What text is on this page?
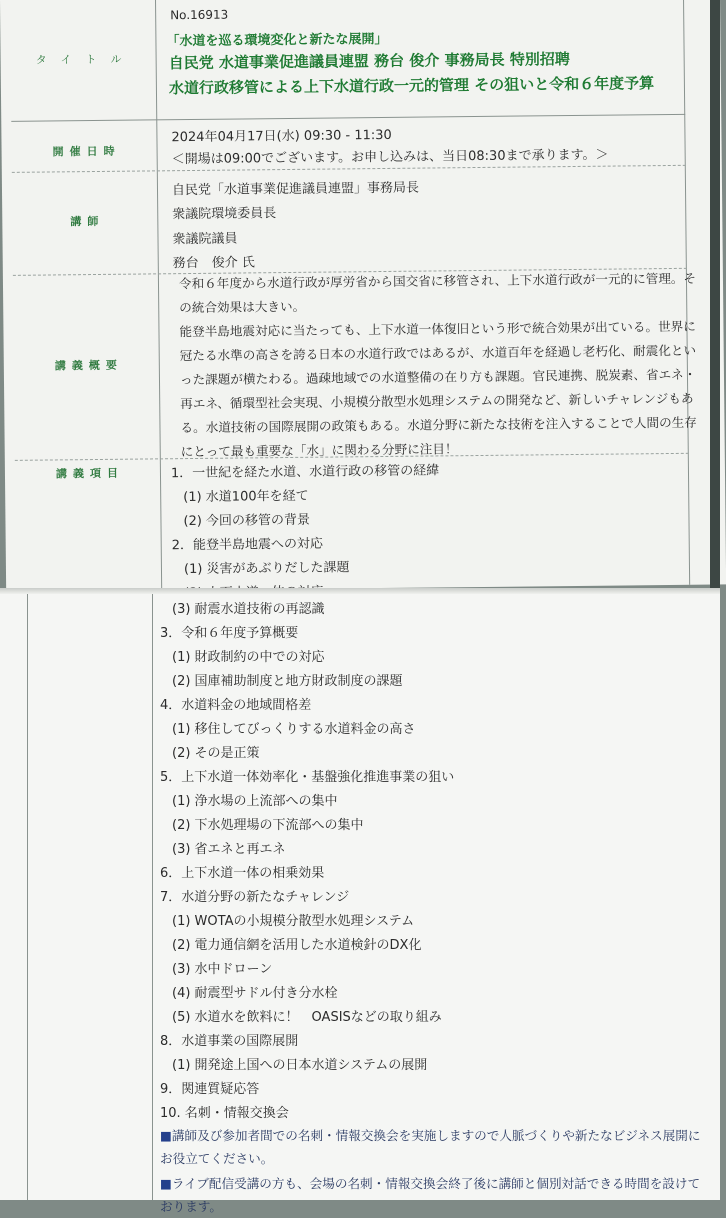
タイトル
No.16913
「水道を巡る環境変化と新たな展開」
自民党 水道事業促進議員連盟 務台 俊介 事務局長 特別招聘
水道行政移管による上下水道行政一元的管理 その狙いと令和６年度予算
開催日時
2024年04月17日(水) 09:30 - 11:30
＜開場は09:00でございます。お申し込みは、当日08:30まで承ります。＞
講師
自民党「水道事業促進議員連盟」事務局長
衆議院環境委員長
衆議院議員
務台　俊介 氏
講義概要
令和６年度から水道行政が厚労省から国交省に移管され、上下水道行政が一元的に管理。その統合効果は大きい。
能登半島地震対応に当たっても、上下水道一体復旧という形で統合効果が出ている。世界に冠たる水準の高さを誇る日本の水道行政ではあるが、水道百年を経過し老朽化、耐震化といった課題が横たわる。過疎地域での水道整備の在り方も課題。官民連携、脱炭素、省エネ・再エネ、循環型社会実現、小規模分散型水処理システムの開発など、新しいチャレンジもある。水道技術の国際展開の政策もある。水道分野に新たな技術を注入することで人間の生存にとって最も重要な「水」に関わる分野に注目！
講義項目	1．一世紀を経た水道、水道行政の移管の経緯
(1) 水道100年を経て
(2) 今回の移管の背景
2．能登半島地震への対応
(1) 災害があぶりだした課題
(3) 耐震水道技術の再認識
3．令和６年度予算概要
(1) 財政制約の中での対応
(2) 国庫補助制度と地方財政制度の課題
4．水道料金の地域間格差
(1) 移住してびっくりする水道料金の高さ
(2) その是正策
5．上下水道一体効率化・基盤強化推進事業の狙い
(1) 浄水場の上流部への集中
(2) 下水処理場の下流部への集中
(3) 省エネと再エネ
6．上下水道一体の相乗効果
7．水道分野の新たなチャレンジ
(1) WOTAの小規模分散型水処理システム
(2) 電力通信網を活用した水道検針のDX化
(3) 水中ドローン
(4) 耐震型サドル付き分水栓
(5) 水道水を飲料に！　OASISなどの取り組み
8．水道事業の国際展開
(1) 開発途上国への日本水道システムの展開
9．関連質疑応答
10. 名刺・情報交換会
■講師及び参加者間での名刺・情報交換会を実施しますので人脈づくりや新たなビジネス展開にお役立てください。
■ライブ配信受講の方も、会場の名刺・情報交換会終了後に講師と個別対話できる時間を設けております。
